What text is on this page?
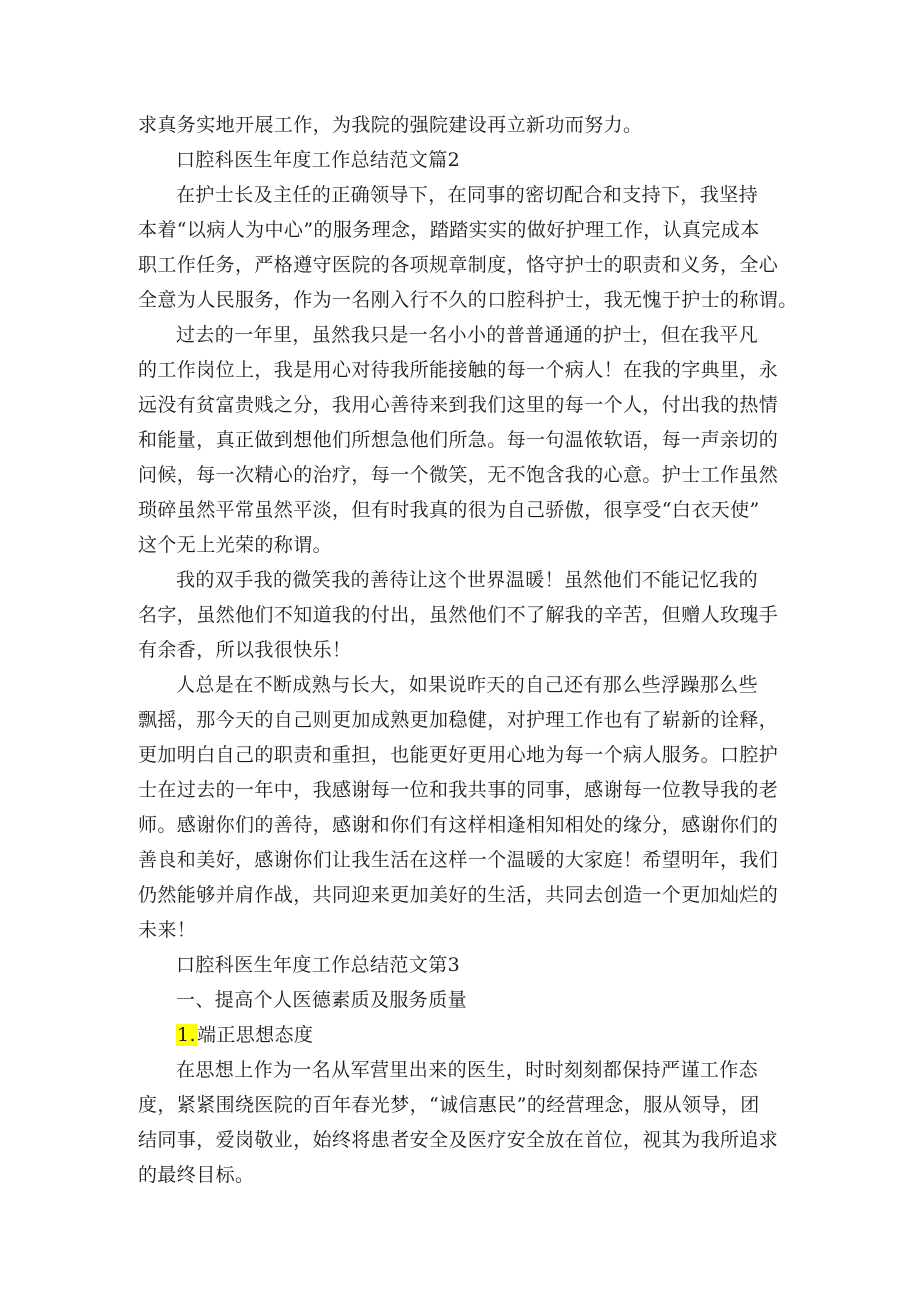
求真务实地开展工作，为我院的强院建设再立新功而努力。
口腔科医生年度工作总结范文篇2
在护士长及主任的正确领导下，在同事的密切配合和支持下，我坚持
本着“以病人为中心”的服务理念，踏踏实实的做好护理工作，认真完成本
职工作任务，严格遵守医院的各项规章制度，恪守护士的职责和义务，全心
全意为人民服务，作为一名刚入行不久的口腔科护士，我无愧于护士的称谓。
过去的一年里，虽然我只是一名小小的普普通通的护士，但在我平凡
的工作岗位上，我是用心对待我所能接触的每一个病人！在我的字典里，永
远没有贫富贵贱之分，我用心善待来到我们这里的每一个人，付出我的热情
和能量，真正做到想他们所想急他们所急。每一句温侬软语，每一声亲切的
问候，每一次精心的治疗，每一个微笑，无不饱含我的心意。护士工作虽然
琐碎虽然平常虽然平淡，但有时我真的很为自己骄傲，很享受“白衣天使”
这个无上光荣的称谓。
我的双手我的微笑我的善待让这个世界温暖！虽然他们不能记忆我的
名字，虽然他们不知道我的付出，虽然他们不了解我的辛苦，但赠人玫瑰手
有余香，所以我很快乐！
人总是在不断成熟与长大，如果说昨天的自己还有那么些浮躁那么些
飘摇，那今天的自己则更加成熟更加稳健，对护理工作也有了崭新的诠释，
更加明白自己的职责和重担，也能更好更用心地为每一个病人服务。口腔护
士在过去的一年中，我感谢每一位和我共事的同事，感谢每一位教导我的老
师。感谢你们的善待，感谢和你们有这样相逢相知相处的缘分，感谢你们的
善良和美好，感谢你们让我生活在这样一个温暖的大家庭！希望明年，我们
仍然能够并肩作战，共同迎来更加美好的生活，共同去创造一个更加灿烂的
未来！
口腔科医生年度工作总结范文第3
一、提高个人医德素质及服务质量
1.端正思想态度
在思想上作为一名从军营里出来的医生，时时刻刻都保持严谨工作态
度，紧紧围绕医院的百年春光梦，“诚信惠民”的经营理念，服从领导，团
结同事，爱岗敬业，始终将患者安全及医疗安全放在首位，视其为我所追求
的最终目标。
